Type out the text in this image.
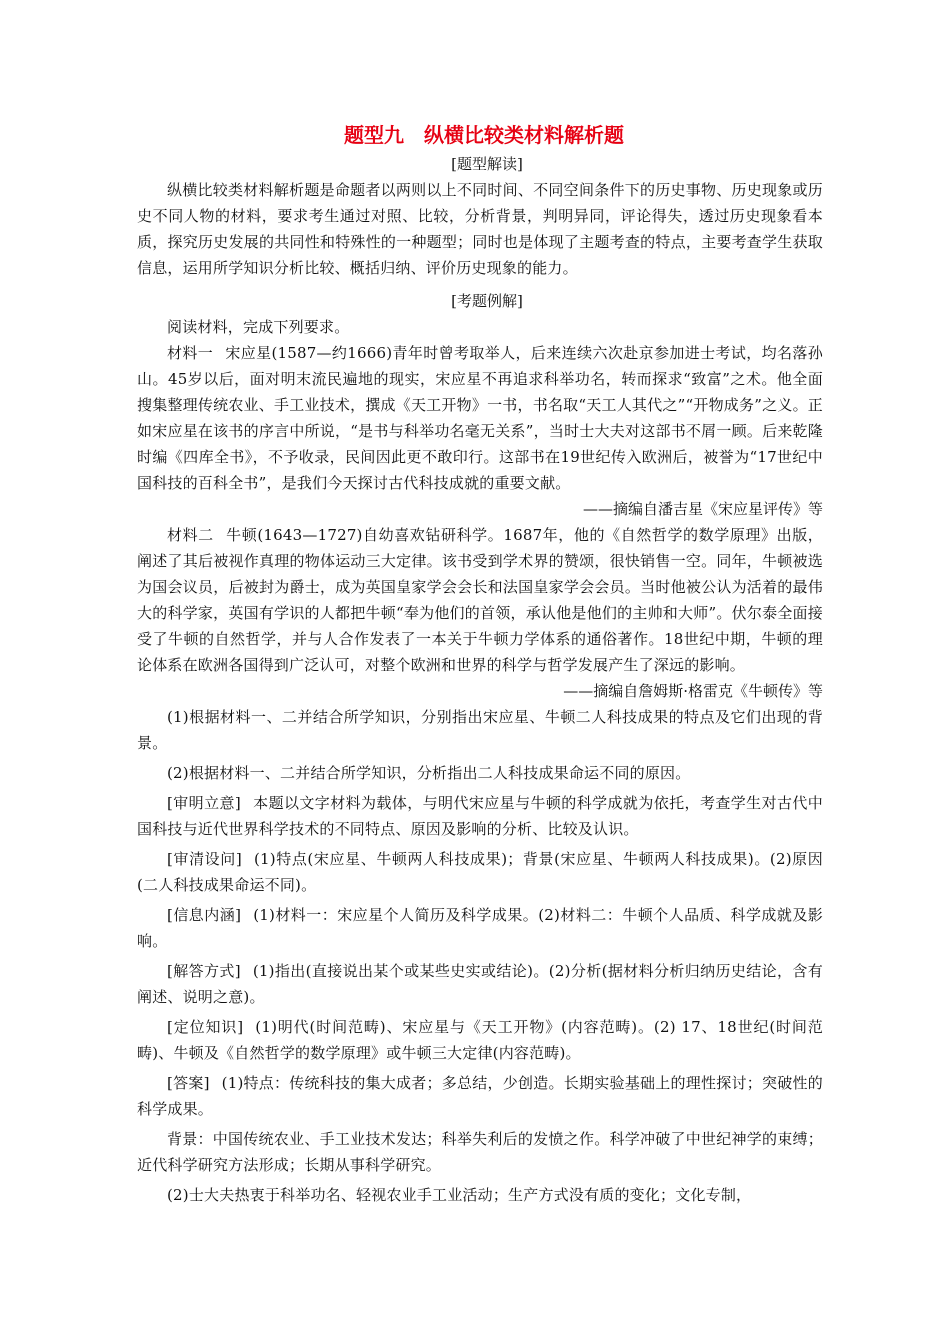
题型九　纵横比较类材料解析题
[题型解读]

纵横比较类材料解析题是命题者以两则以上不同时间、不同空间条件下的历史事物、历史现象或历史不同人物的材料，要求考生通过对照、比较，分析背景，判明异同，评论得失，透过历史现象看本质，探究历史发展的共同性和特殊性的一种题型；同时也是体现了主题考查的特点，主要考查学生获取信息，运用所学知识分析比较、概括归纳、评价历史现象的能力。

[考题例解]

阅读材料，完成下列要求。

材料一 宋应星(1587—约1666)青年时曾考取举人，后来连续六次赴京参加进士考试，均名落孙山。45岁以后，面对明末流民遍地的现实，宋应星不再追求科举功名，转而探求“致富”之术。他全面搜集整理传统农业、手工业技术，撰成《天工开物》一书，书名取“天工人其代之”“开物成务”之义。正如宋应星在该书的序言中所说，“是书与科举功名毫无关系”，当时士大夫对这部书不屑一顾。后来乾隆时编《四库全书》，不予收录，民间因此更不敢印行。这部书在19世纪传入欧洲后，被誉为“17世纪中国科技的百科全书”，是我们今天探讨古代科技成就的重要文献。

——摘编自潘吉星《宋应星评传》等

材料二 牛顿(1643—1727)自幼喜欢钻研科学。1687年，他的《自然哲学的数学原理》出版，阐述了其后被视作真理的物体运动三大定律。该书受到学术界的赞颂，很快销售一空。同年，牛顿被选为国会议员，后被封为爵士，成为英国皇家学会会长和法国皇家学会会员。当时他被公认为活着的最伟大的科学家，英国有学识的人都把牛顿“奉为他们的首领，承认他是他们的主帅和大师”。伏尔泰全面接受了牛顿的自然哲学，并与人合作发表了一本关于牛顿力学体系的通俗著作。18世纪中期，牛顿的理论体系在欧洲各国得到广泛认可，对整个欧洲和世界的科学与哲学发展产生了深远的影响。

——摘编自詹姆斯·格雷克《牛顿传》等

(1)根据材料一、二并结合所学知识，分别指出宋应星、牛顿二人科技成果的特点及它们出现的背景。

(2)根据材料一、二并结合所学知识，分析指出二人科技成果命运不同的原因。

[审明立意] 本题以文字材料为载体，与明代宋应星与牛顿的科学成就为依托，考查学生对古代中国科技与近代世界科学技术的不同特点、原因及影响的分析、比较及认识。

[审清设问] (1)特点(宋应星、牛顿两人科技成果)；背景(宋应星、牛顿两人科技成果)。(2)原因(二人科技成果命运不同)。

[信息内涵] (1)材料一：宋应星个人简历及科学成果。(2)材料二：牛顿个人品质、科学成就及影响。

[解答方式] (1)指出(直接说出某个或某些史实或结论)。(2)分析(据材料分析归纳历史结论，含有阐述、说明之意)。

[定位知识] (1)明代(时间范畴)、宋应星与《天工开物》(内容范畴)。(2) 17、18世纪(时间范畴)、牛顿及《自然哲学的数学原理》或牛顿三大定律(内容范畴)。

[答案] (1)特点：传统科技的集大成者；多总结，少创造。长期实验基础上的理性探讨；突破性的科学成果。

背景：中国传统农业、手工业技术发达；科举失利后的发愤之作。科学冲破了中世纪神学的束缚；近代科学研究方法形成；长期从事科学研究。

(2)士大夫热衷于科举功名、轻视农业手工业活动；生产方式没有质的变化；文化专制，
